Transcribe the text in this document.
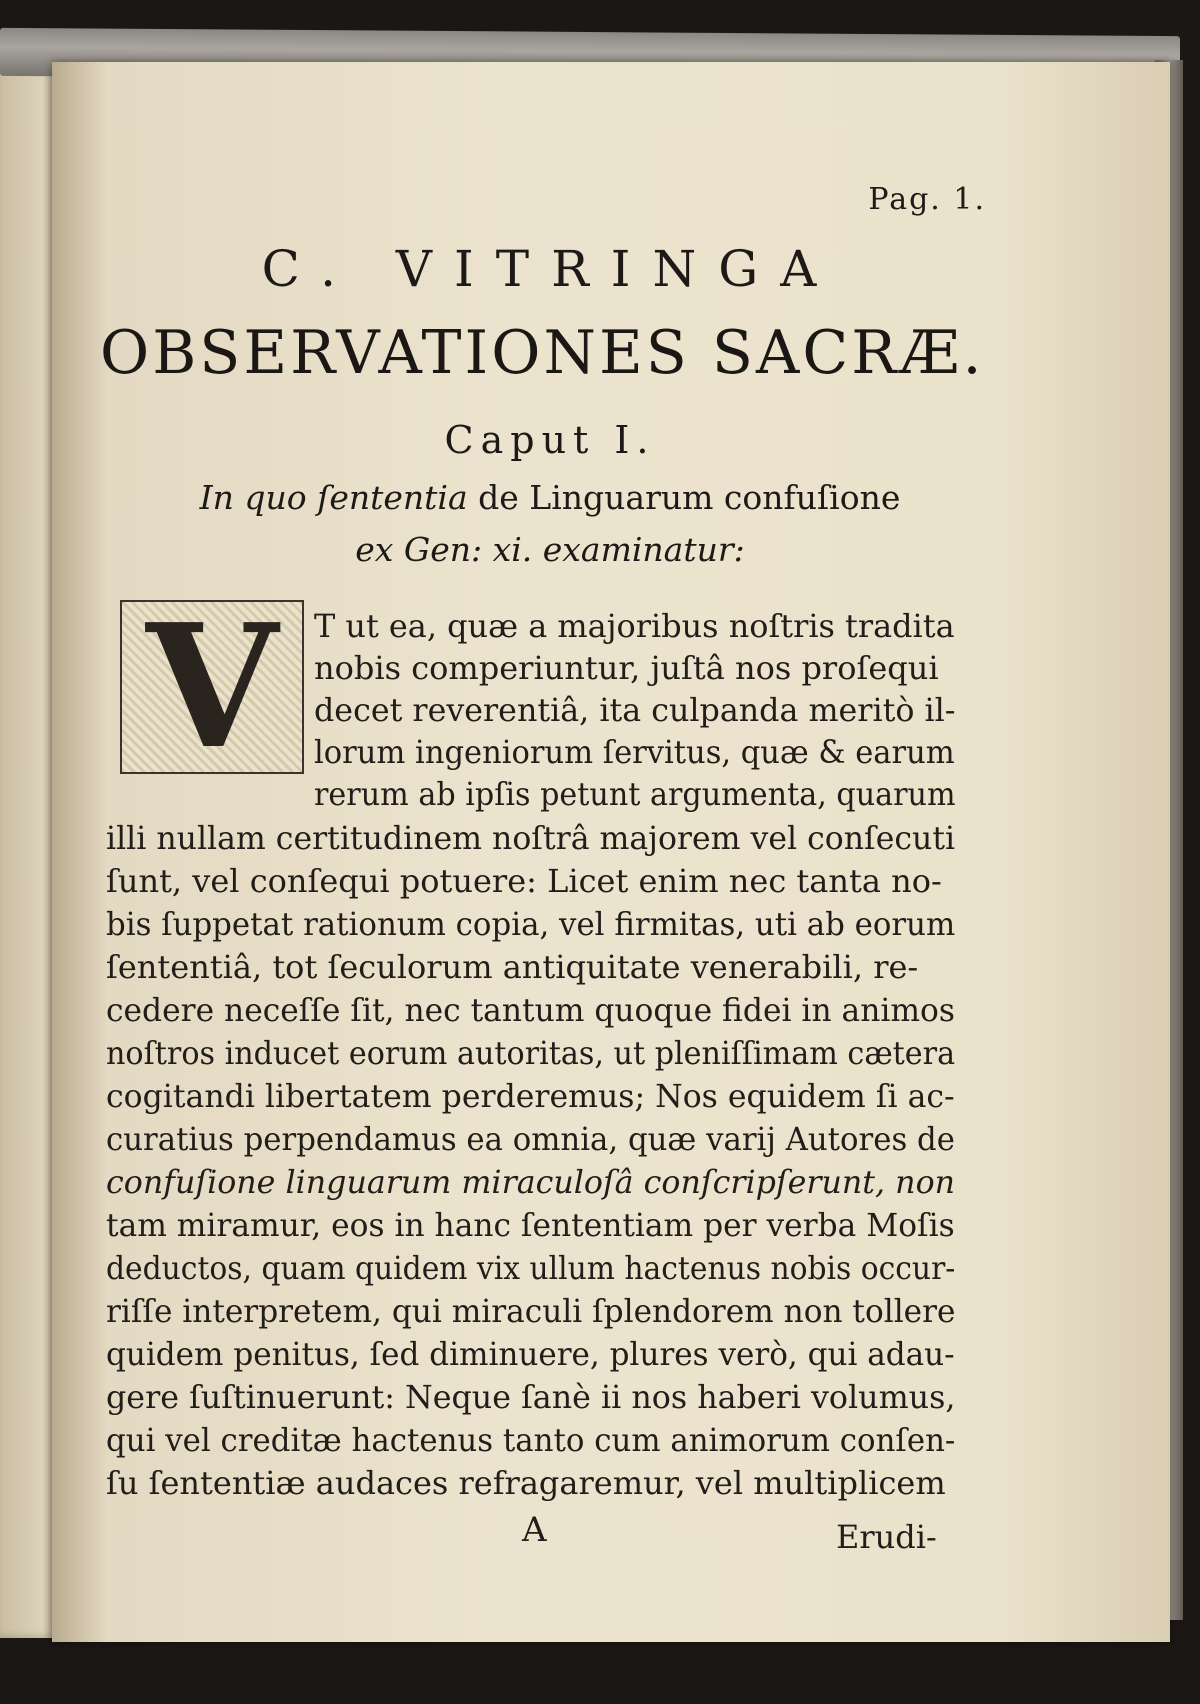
Pag. 1.
C. VITRINGA
OBSERVATIONES SACRÆ.
Caput I.
In quo ſententia de Linguarum confuſione
ex Gen: xi. examinatur:
V	T ut ea, quæ a majoribus noſtris tradita

nobis comperiuntur, juſtâ nos proſequi

decet reverentiâ, ita culpanda meritò il-

lorum ingeniorum ſervitus, quæ & earum

rerum ab ipſis petunt argumenta, quarum

illi nullam certitudinem noſtrâ majorem vel conſecuti

ſunt, vel conſequi potuere: Licet enim nec tanta no-

bis ſuppetat rationum copia, vel firmitas, uti ab eorum

ſententiâ, tot ſeculorum antiquitate venerabili, re-

cedere neceſſe ſit, nec tantum quoque fidei in animos

noſtros inducet eorum autoritas, ut pleniſſimam cætera

cogitandi libertatem perderemus; Nos equidem ſi ac-

curatius perpendamus ea omnia, quæ varij Autores de

confuſione linguarum miraculoſâ conſcripſerunt, non

tam miramur, eos in hanc ſententiam per verba Moſis

deductos, quam quidem vix ullum hactenus nobis occur-

riſſe interpretem, qui miraculi ſplendorem non tollere

quidem penitus, ſed diminuere, plures verò, qui adau-

gere ſuſtinuerunt: Neque ſanè ii nos haberi volumus,

qui vel creditæ hactenus tanto cum animorum conſen-

ſu ſententiæ audaces refragaremur, vel multiplicem

A	Erudi-
